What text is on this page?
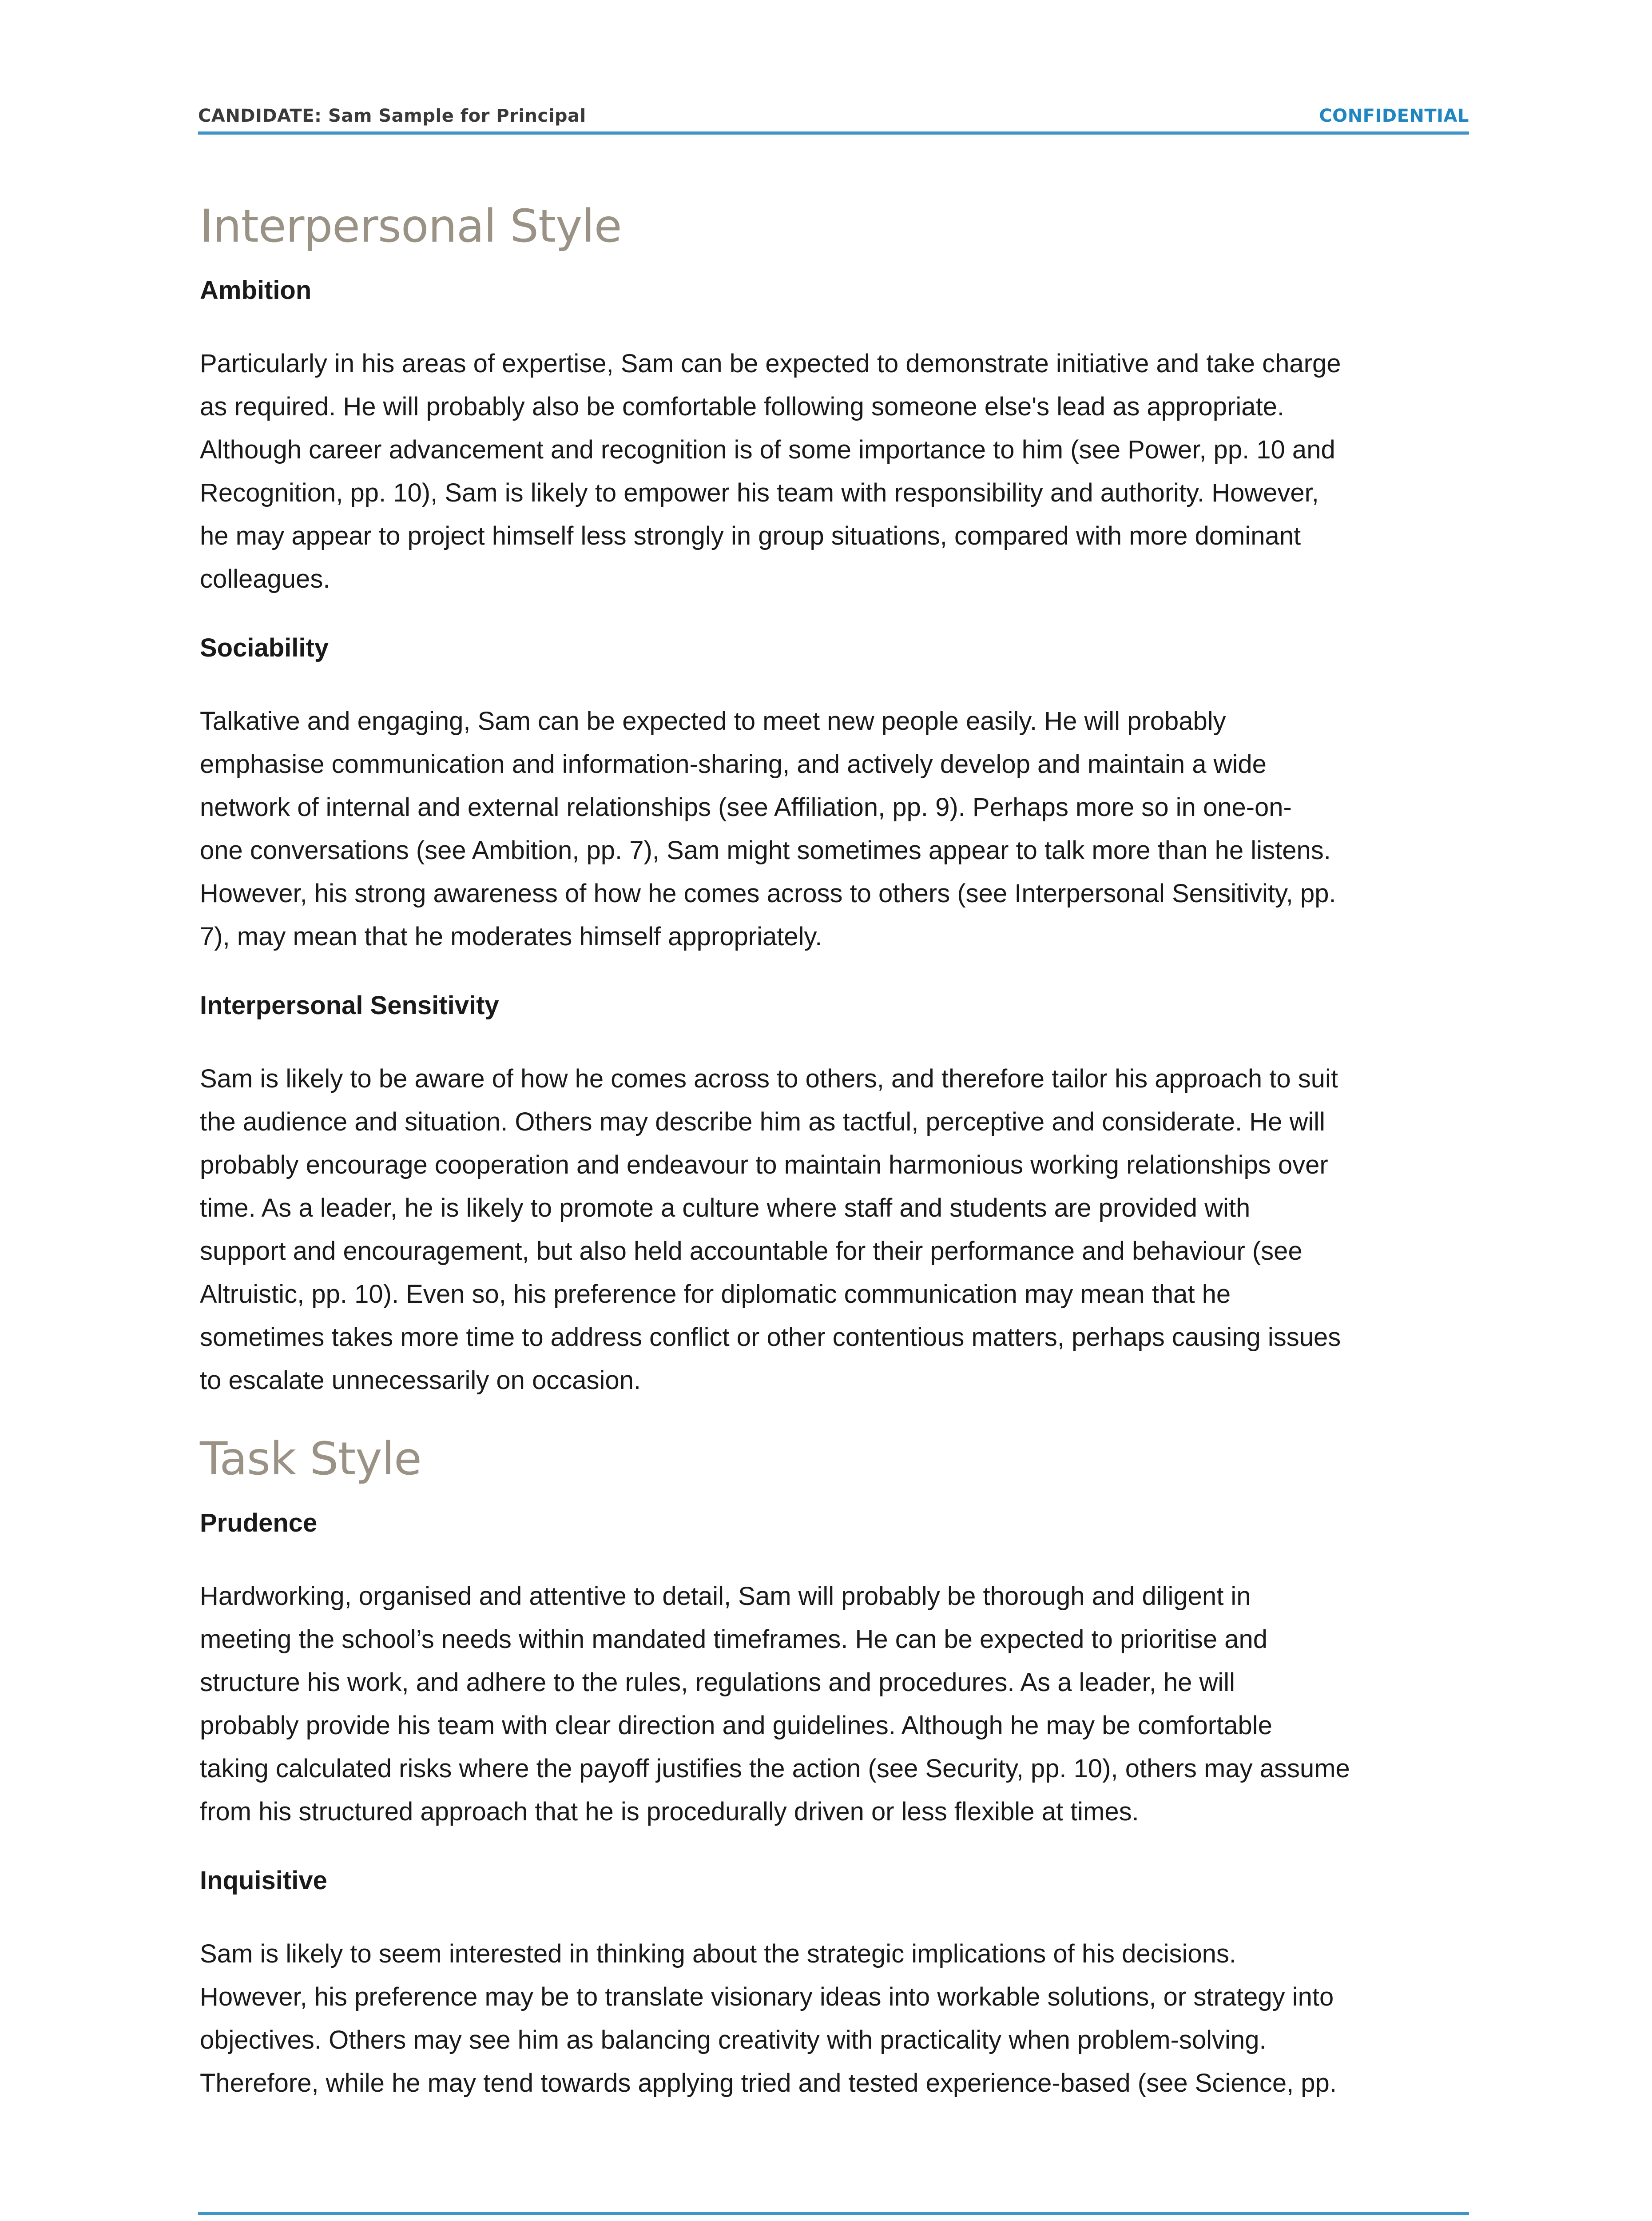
CANDIDATE: Sam Sample for Principal	CONFIDENTIAL
Interpersonal Style
Ambition
Particularly in his areas of expertise, Sam can be expected to demonstrate initiative and take charge
as required. He will probably also be comfortable following someone else's lead as appropriate.
Although career advancement and recognition is of some importance to him (see Power, pp. 10 and
Recognition, pp. 10), Sam is likely to empower his team with responsibility and authority. However,
he may appear to project himself less strongly in group situations, compared with more dominant
colleagues.
Sociability
Talkative and engaging, Sam can be expected to meet new people easily. He will probably
emphasise communication and information-sharing, and actively develop and maintain a wide
network of internal and external relationships (see Affiliation, pp. 9). Perhaps more so in one-on-
one conversations (see Ambition, pp. 7), Sam might sometimes appear to talk more than he listens.
However, his strong awareness of how he comes across to others (see Interpersonal Sensitivity, pp.
7), may mean that he moderates himself appropriately.
Interpersonal Sensitivity
Sam is likely to be aware of how he comes across to others, and therefore tailor his approach to suit
the audience and situation. Others may describe him as tactful, perceptive and considerate. He will
probably encourage cooperation and endeavour to maintain harmonious working relationships over
time. As a leader, he is likely to promote a culture where staff and students are provided with
support and encouragement, but also held accountable for their performance and behaviour (see
Altruistic, pp. 10). Even so, his preference for diplomatic communication may mean that he
sometimes takes more time to address conflict or other contentious matters, perhaps causing issues
to escalate unnecessarily on occasion.
Task Style
Prudence
Hardworking, organised and attentive to detail, Sam will probably be thorough and diligent in
meeting the school’s needs within mandated timeframes. He can be expected to prioritise and
structure his work, and adhere to the rules, regulations and procedures. As a leader, he will
probably provide his team with clear direction and guidelines. Although he may be comfortable
taking calculated risks where the payoff justifies the action (see Security, pp. 10), others may assume
from his structured approach that he is procedurally driven or less flexible at times.
Inquisitive
Sam is likely to seem interested in thinking about the strategic implications of his decisions.
However, his preference may be to translate visionary ideas into workable solutions, or strategy into
objectives. Others may see him as balancing creativity with practicality when problem-solving.
Therefore, while he may tend towards applying tried and tested experience-based (see Science, pp.
